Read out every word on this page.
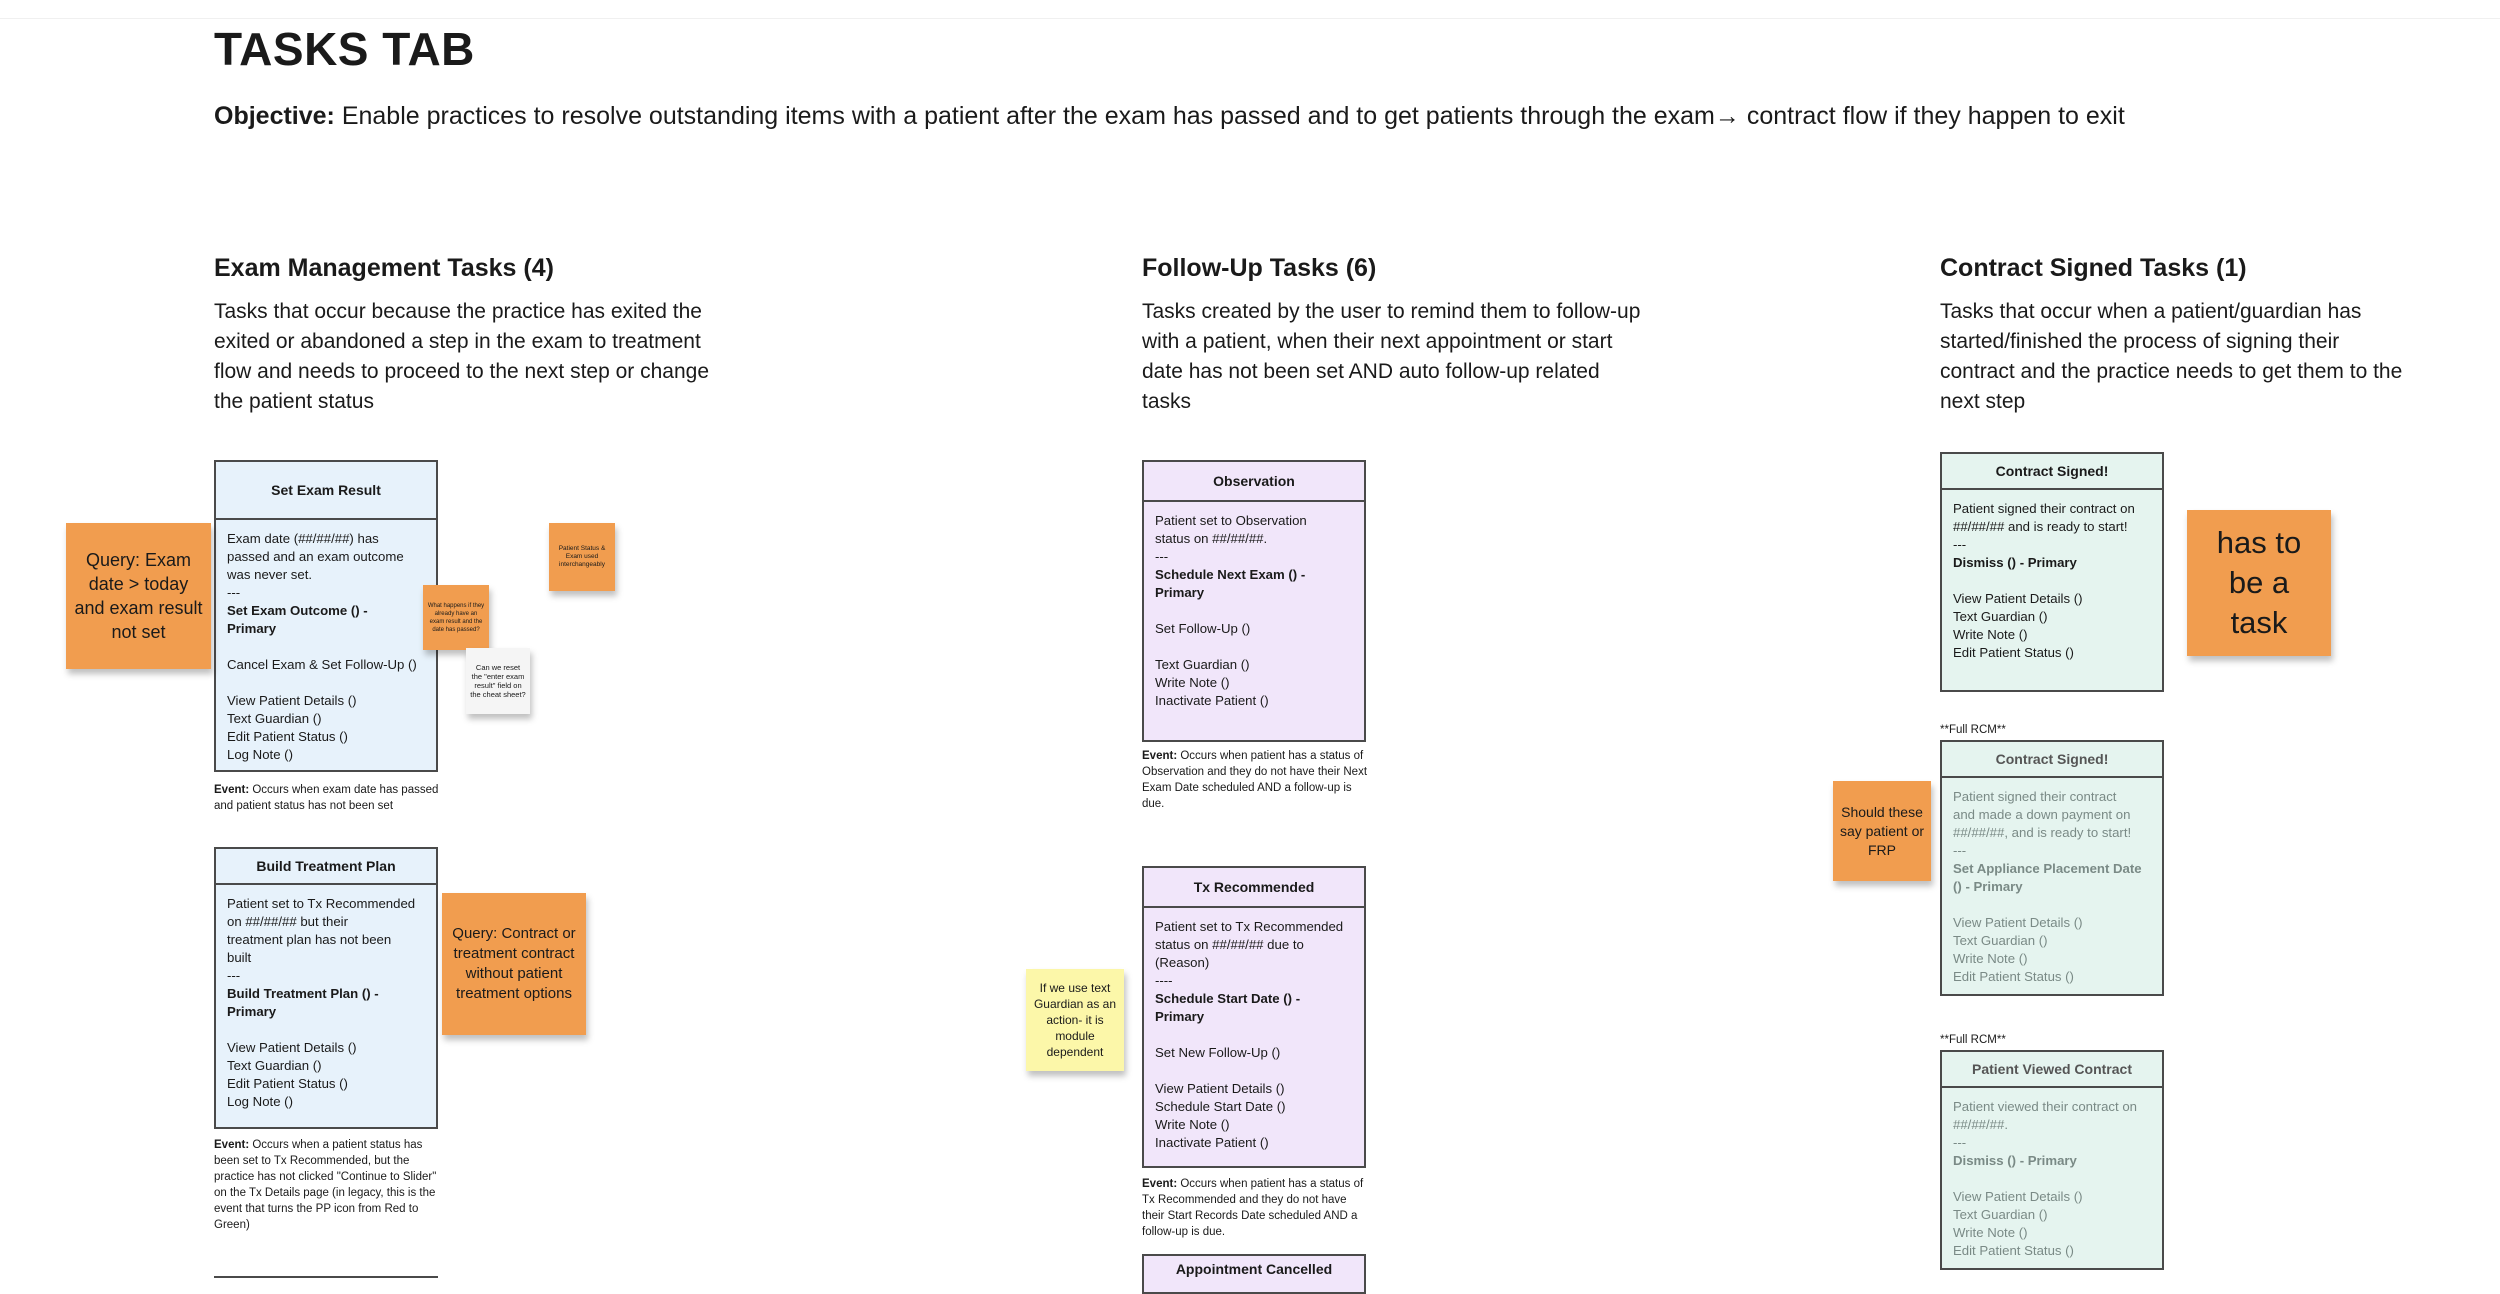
TASKS TAB
Objective: Enable practices to resolve outstanding items with a patient after the exam has passed and to get patients through the exam→ contract flow if they happen to exit
Exam Management Tasks (4)
Tasks that occur because the practice has exited the exited or abandoned a step in the exam to treatment flow and needs to proceed to the next step or change the patient status
Follow-Up Tasks (6)
Tasks created by the user to remind them to follow-up with a patient, when their next appointment or start date has not been set AND auto follow-up related tasks
Contract Signed Tasks (1)
Tasks that occur when a patient/guardian has started/finished the process of signing their contract and the practice needs to get them to the next step
Set Exam Result
Exam date (##/##/##) has
passed and an exam outcome
was never set.
---
Set Exam Outcome () -
Primary
Cancel Exam & Set Follow-Up ()
View Patient Details ()
Text Guardian ()
Edit Patient Status ()
Log Note ()
Event: Occurs when exam date has passed and patient status has not been set
Build Treatment Plan
Patient set to Tx Recommended
on ##/##/## but their
treatment plan has not been
built
---
Build Treatment Plan () -
Primary
View Patient Details ()
Text Guardian ()
Edit Patient Status ()
Log Note ()
Event: Occurs when a patient status has been set to Tx Recommended, but the practice has not clicked "Continue to Slider" on the Tx Details page (in legacy, this is the event that turns the PP icon from Red to Green)
Observation
Patient set to Observation
status on ##/##/##.
---
Schedule Next Exam () -
Primary
Set Follow-Up ()
Text Guardian ()
Write Note ()
Inactivate Patient ()
Event: Occurs when patient has a status of Observation and they do not have their Next Exam Date scheduled AND a follow-up is due.
Tx Recommended
Patient set to Tx Recommended
status on ##/##/## due to
(Reason)
----
Schedule Start Date () -
Primary
Set New Follow-Up ()
View Patient Details ()
Schedule Start Date ()
Write Note ()
Inactivate Patient ()
Event: Occurs when patient has a status of Tx Recommended and they do not have their Start Records Date scheduled AND a follow-up is due.
Appointment Cancelled
Contract Signed!
Patient signed their contract on
##/##/## and is ready to start!
---
Dismiss () - Primary
View Patient Details ()
Text Guardian ()
Write Note ()
Edit Patient Status ()
**Full RCM**
Contract Signed!
Patient signed their contract
and made a down payment on
##/##/##, and is ready to start!
---
Set Appliance Placement Date
() - Primary
View Patient Details ()
Text Guardian ()
Write Note ()
Edit Patient Status ()
**Full RCM**
Patient Viewed Contract
Patient viewed their contract on
##/##/##.
---
Dismiss () - Primary
View Patient Details ()
Text Guardian ()
Write Note ()
Edit Patient Status ()
Query: Exam date > today and exam result not set
Patient Status & Exam used interchangeably
What happens if they already have an exam result and the date has passed?
Can we reset the "enter exam result" field on the cheat sheet?
Query: Contract or treatment contract without patient treatment options	If we use text Guardian as an action- it is module dependent
Should these say patient or FRP
has to be a task
